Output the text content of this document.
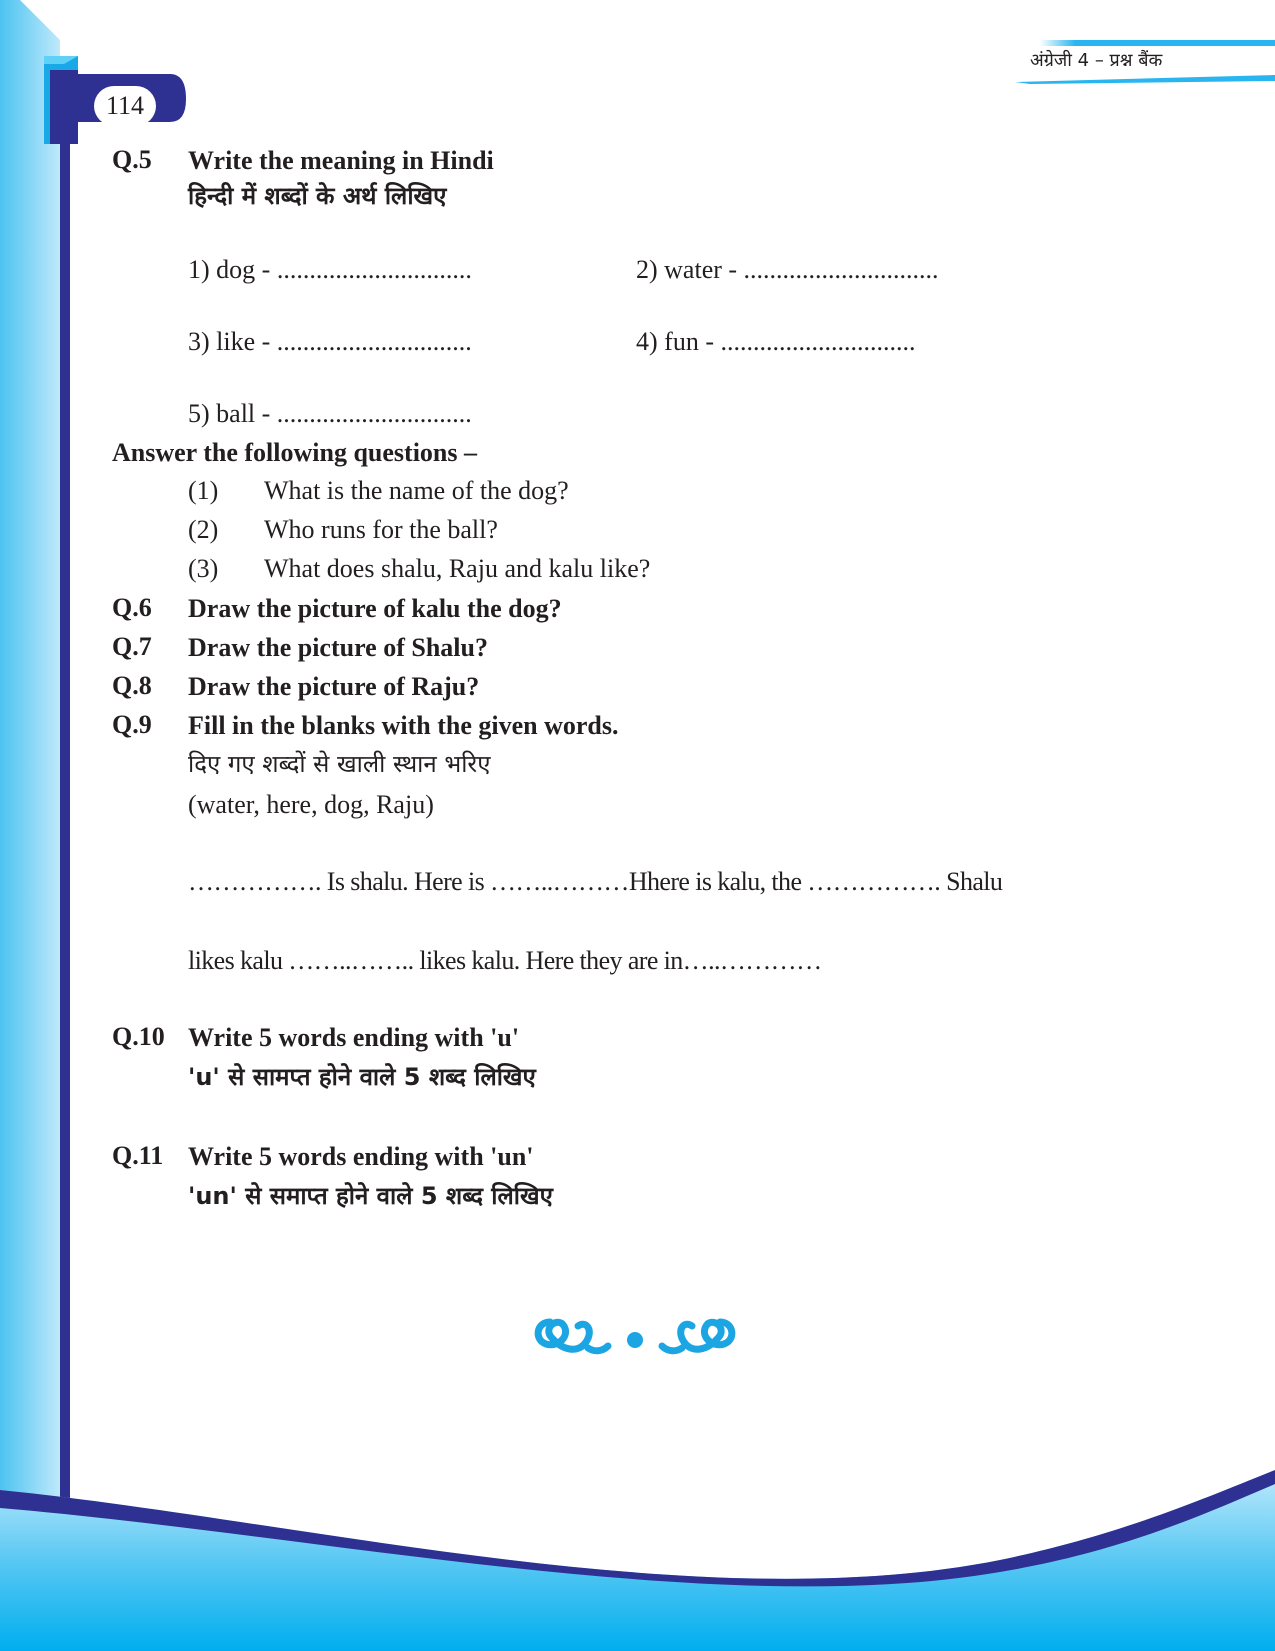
114
अंग्रेजी 4 – प्रश्न बैंक
Q.5 Write the meaning in Hindi
हिन्दी में शब्दों के अर्थ लिखिए
1) dog - ..............................	2) water - ..............................
3) like - ..............................	4) fun - ..............................
5) ball - ..............................
Answer the following questions –
(1) What is the name of the dog?
(2) Who runs for the ball?
(3) What does shalu, Raju and kalu like?
Q.6 Draw the picture of kalu the dog?
Q.7 Draw the picture of Shalu?
Q.8 Draw the picture of Raju?
Q.9 Fill in the blanks with the given words.
दिए गए शब्दों से खाली स्थान भरिए
(water, here, dog, Raju)
……………. Is shalu. Here is ……..………Hhere is kalu, the ……………. Shalu
likes kalu ……..…….. likes kalu. Here they are in…..…………
Q.10 Write 5 words ending with 'u'
'u' से सामप्त होने वाले 5 शब्द लिखिए
Q.11 Write 5 words ending with 'un'
'un' से समाप्त होने वाले 5 शब्द लिखिए
